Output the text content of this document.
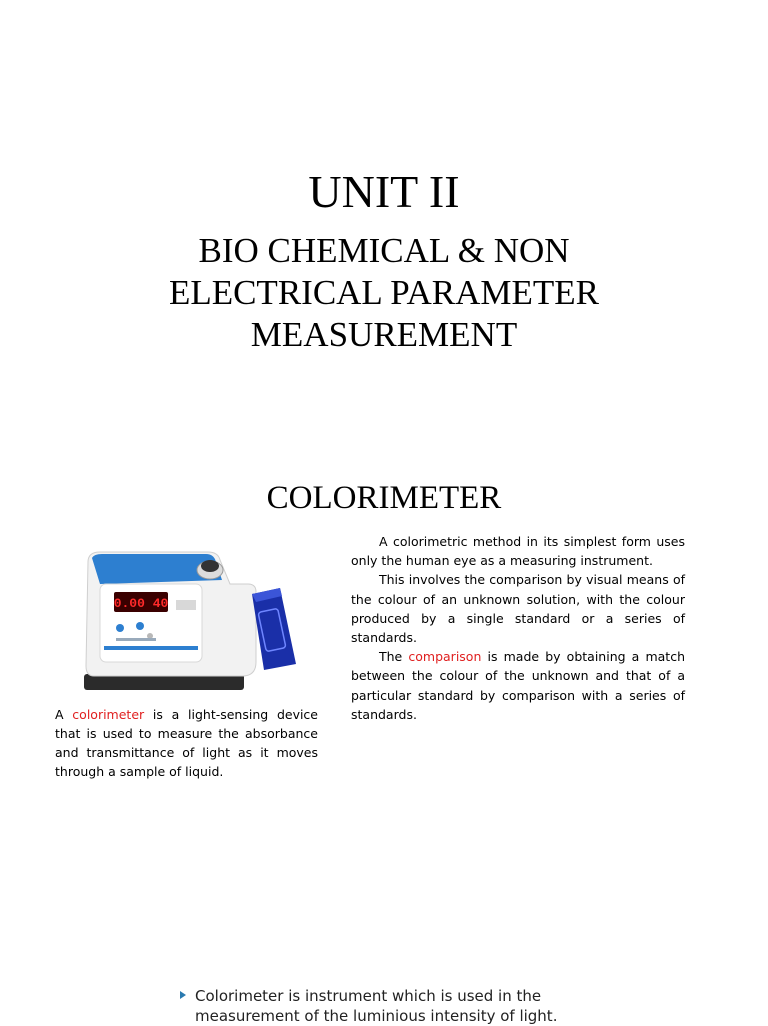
UNIT II
BIO CHEMICAL & NON
ELECTRICAL PARAMETER
MEASUREMENT
COLORIMETER
0.00 40
A colorimeter is a light-sensing device that is used to measure the absorbance and transmittance of light as it moves through a sample of liquid.

A colorimetric method in its simplest form uses only the human eye as a measuring instrument.

This involves the comparison by visual means of the colour of an unknown solution, with the colour produced by a single standard or a series of standards.

The comparison is made by obtaining a match between the colour of the unknown and that of a particular standard by comparison with a series of standards.

Colorimeter is instrument which is used in the measurement of the luminious intensity of light.
